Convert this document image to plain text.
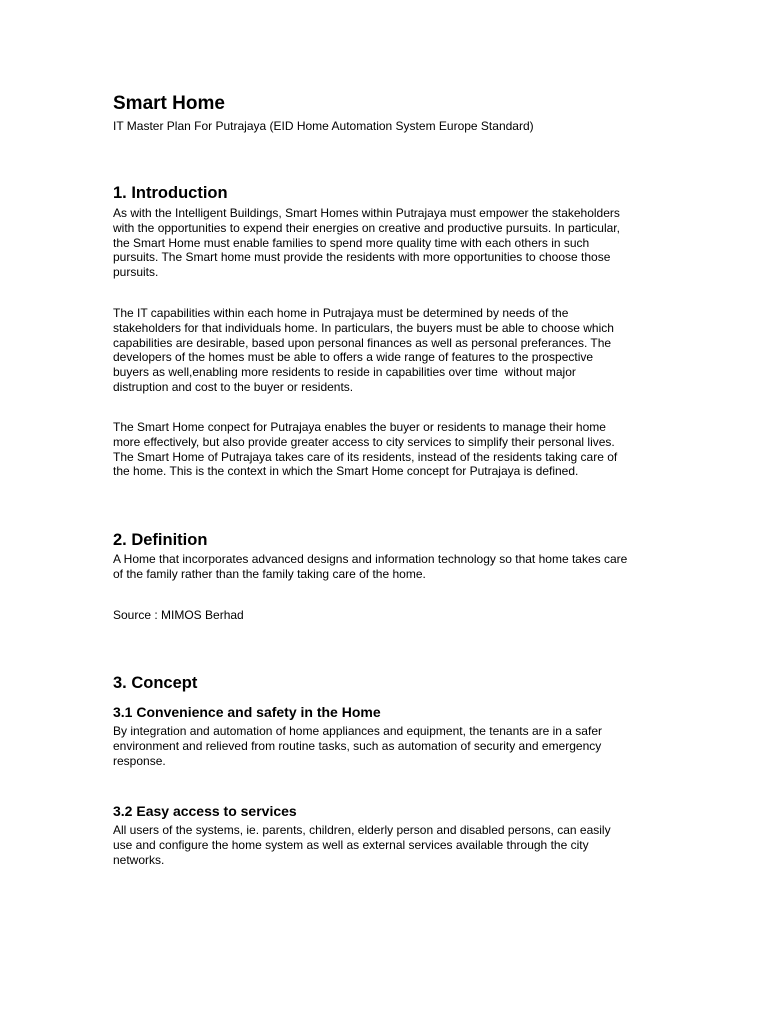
Smart Home

IT Master Plan For Putrajaya (EID Home Automation System Europe Standard)

1. Introduction

As with the Intelligent Buildings, Smart Homes within Putrajaya must empower the stakeholders
with the opportunities to expend their energies on creative and productive pursuits. In particular,
the Smart Home must enable families to spend more quality time with each others in such
pursuits. The Smart home must provide the residents with more opportunities to choose those
pursuits.

The IT capabilities within each home in Putrajaya must be determined by needs of the
stakeholders for that individuals home. In particulars, the buyers must be able to choose which
capabilities are desirable, based upon personal finances as well as personal preferances. The
developers of the homes must be able to offers a wide range of features to the prospective
buyers as well,enabling more residents to reside in capabilities over time  without major
distruption and cost to the buyer or residents.

The Smart Home conpect for Putrajaya enables the buyer or residents to manage their home
more effectively, but also provide greater access to city services to simplify their personal lives.
The Smart Home of Putrajaya takes care of its residents, instead of the residents taking care of
the home. This is the context in which the Smart Home concept for Putrajaya is defined.

2. Definition

A Home that incorporates advanced designs and information technology so that home takes care
of the family rather than the family taking care of the home.

Source : MIMOS Berhad

3. Concept
3.1 Convenience and safety in the Home

By integration and automation of home appliances and equipment, the tenants are in a safer
environment and relieved from routine tasks, such as automation of security and emergency
response.

3.2 Easy access to services

All users of the systems, ie. parents, children, elderly person and disabled persons, can easily
use and configure the home system as well as external services available through the city
networks.
